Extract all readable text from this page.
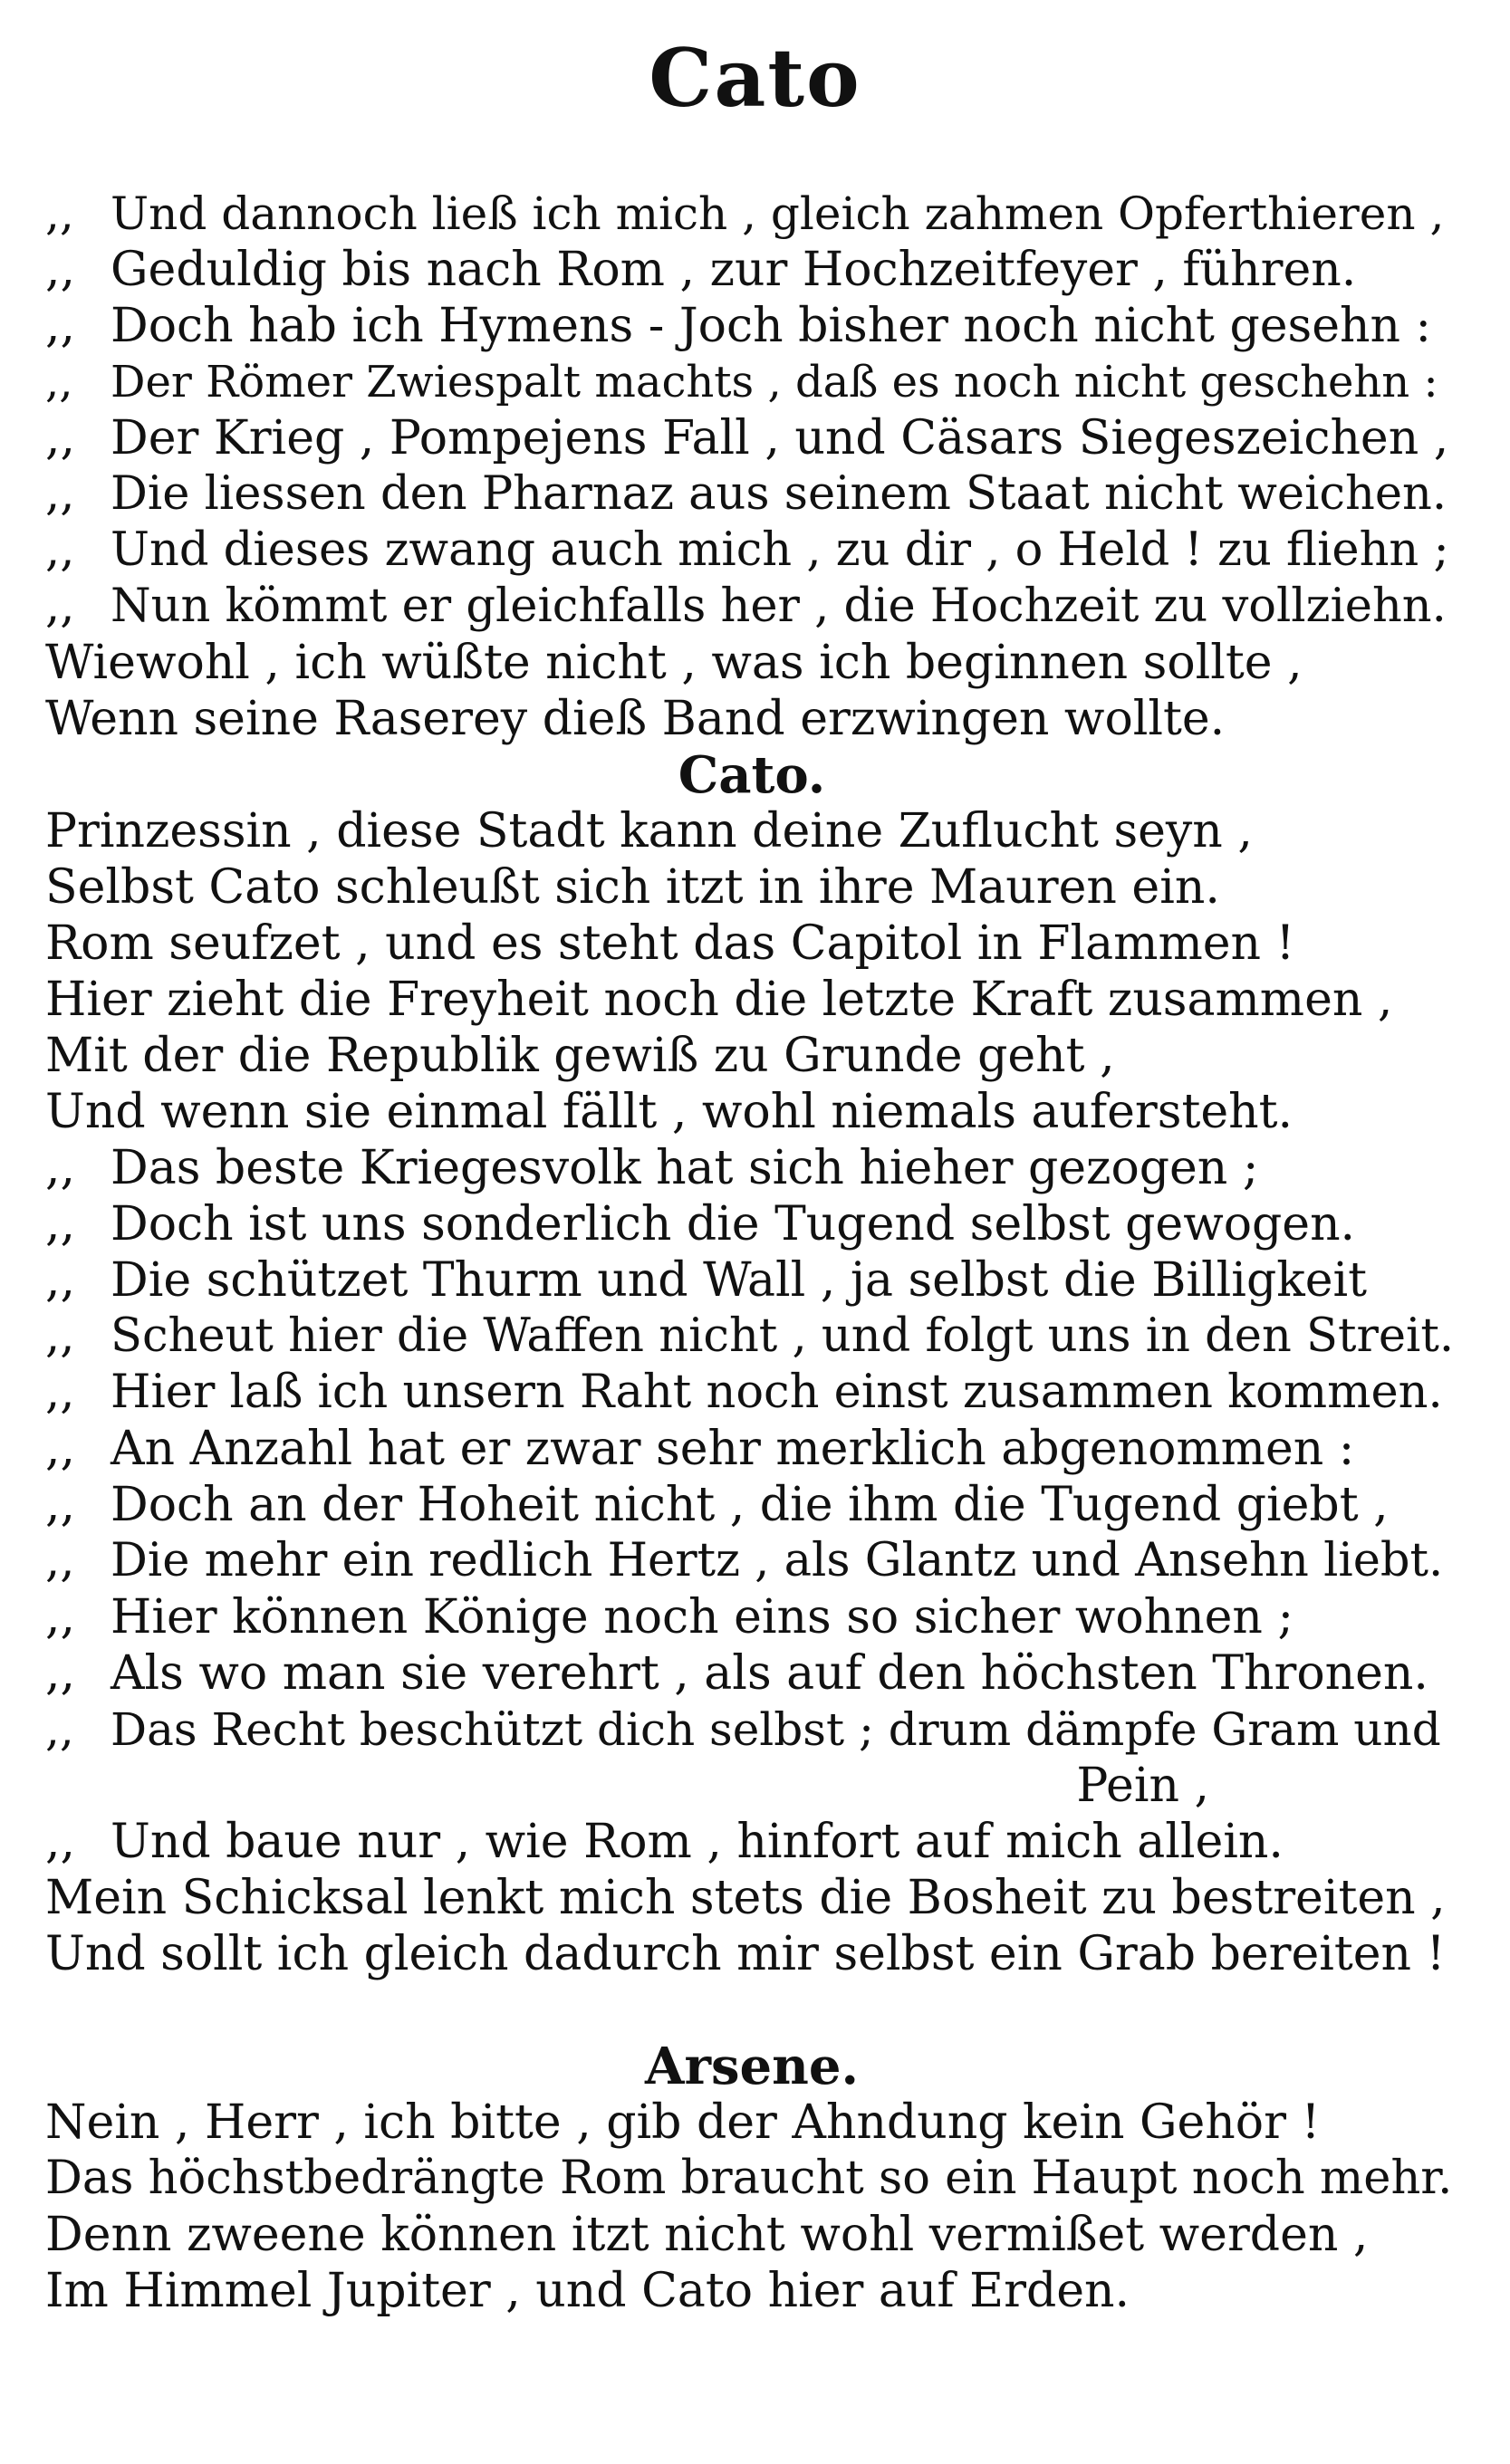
Cato
,, Und dannoch ließ ich mich , gleich zahmen Opferthieren ,
,, Geduldig bis nach Rom , zur Hochzeitfeyer , führen.
,, Doch hab ich Hymens - Joch bisher noch nicht gesehn :
,, Der Römer Zwiespalt machts , daß es noch nicht geschehn :
,, Der Krieg , Pompejens Fall , und Cäsars Siegeszeichen ,
,, Die liessen den Pharnaz aus seinem Staat nicht weichen.
,, Und dieses zwang auch mich , zu dir , o Held ! zu fliehn ;
,, Nun kömmt er gleichfalls her , die Hochzeit zu vollziehn.
Wiewohl , ich wüßte nicht , was ich beginnen sollte ,
Wenn seine Raserey dieß Band erzwingen wollte.
Cato.
Prinzessin , diese Stadt kann deine Zuflucht seyn ,
Selbst Cato schleußt sich itzt in ihre Mauren ein.
Rom seufzet , und es steht das Capitol in Flammen !
Hier zieht die Freyheit noch die letzte Kraft zusammen ,
Mit der die Republik gewiß zu Grunde geht ,
Und wenn sie einmal fällt , wohl niemals aufersteht.
,, Das beste Kriegesvolk hat sich hieher gezogen ;
,, Doch ist uns sonderlich die Tugend selbst gewogen.
,, Die schützet Thurm und Wall , ja selbst die Billigkeit
,, Scheut hier die Waffen nicht , und folgt uns in den Streit.
,, Hier laß ich unsern Raht noch einst zusammen kommen.
,, An Anzahl hat er zwar sehr merklich abgenommen :
,, Doch an der Hoheit nicht , die ihm die Tugend giebt ,
,, Die mehr ein redlich Hertz , als Glantz und Ansehn liebt.
,, Hier können Könige noch eins so sicher wohnen ;
,, Als wo man sie verehrt , als auf den höchsten Thronen.
,, Das Recht beschützt dich selbst ; drum dämpfe Gram und
Pein ,
,, Und baue nur , wie Rom , hinfort auf mich allein.
Mein Schicksal lenkt mich stets die Bosheit zu bestreiten ,
Und sollt ich gleich dadurch mir selbst ein Grab bereiten !
Arsene.
Nein , Herr , ich bitte , gib der Ahndung kein Gehör !
Das höchstbedrängte Rom braucht so ein Haupt noch mehr.
Denn zweene können itzt nicht wohl vermißet werden ,
Im Himmel Jupiter , und Cato hier auf Erden.
